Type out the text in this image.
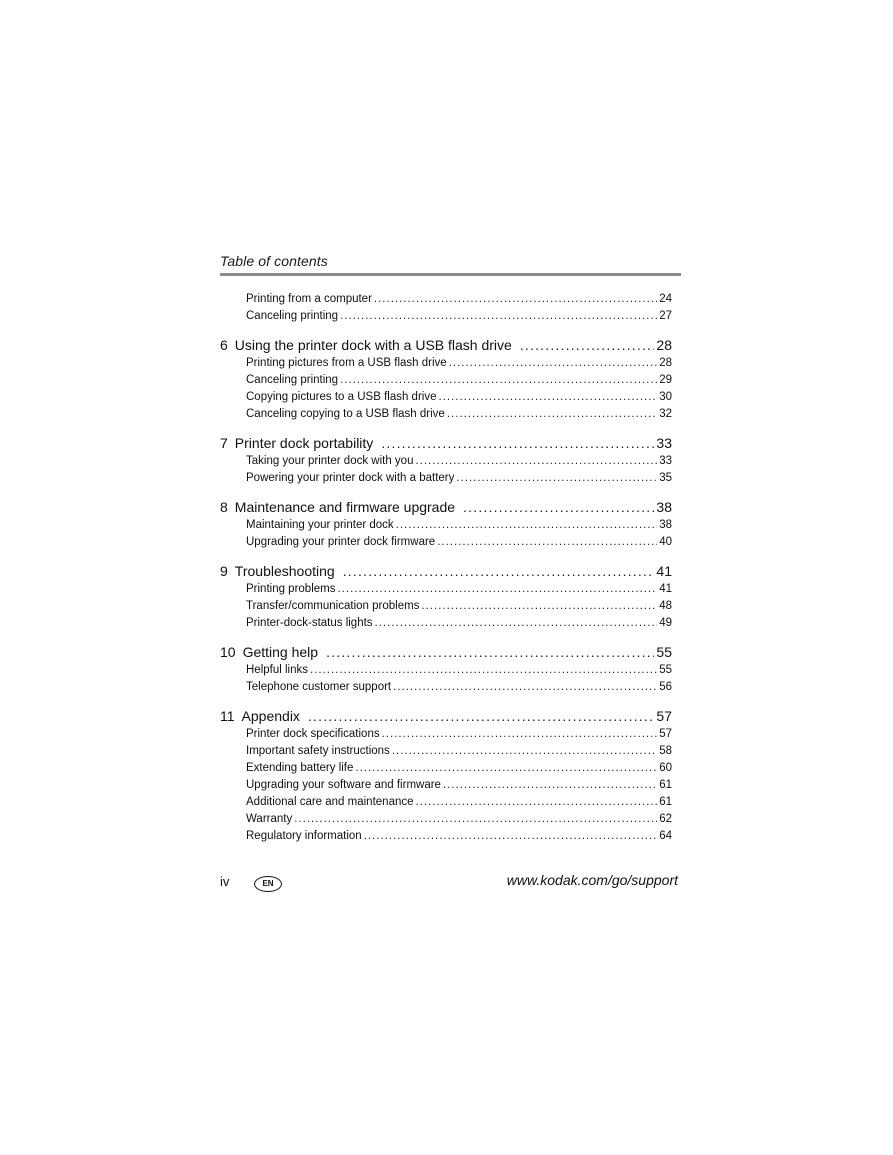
Table of contents
Printing from a computer .....	24
Canceling printing .....	27
6 Using the printer dock with a USB flash drive .....	28
Printing pictures from a USB flash drive .....	28
Canceling printing .....	29
Copying pictures to a USB flash drive .....	30
Canceling copying to a USB flash drive .....	32
7 Printer dock portability .....	33
Taking your printer dock with you .....	33
Powering your printer dock with a battery .....	35
8 Maintenance and firmware upgrade .....	38
Maintaining your printer dock .....	38
Upgrading your printer dock firmware .....	40
9 Troubleshooting .....	41
Printing problems .....	41
Transfer/communication problems .....	48
Printer-dock-status lights .....	49
10 Getting help .....	55
Helpful links .....	55
Telephone customer support .....	56
11 Appendix .....	57
Printer dock specifications .....	57
Important safety instructions .....	58
Extending battery life .....	60
Upgrading your software and firmware .....	61
Additional care and maintenance .....	61
Warranty .....	62
Regulatory information .....	64
iv	EN	www.kodak.com/go/support
